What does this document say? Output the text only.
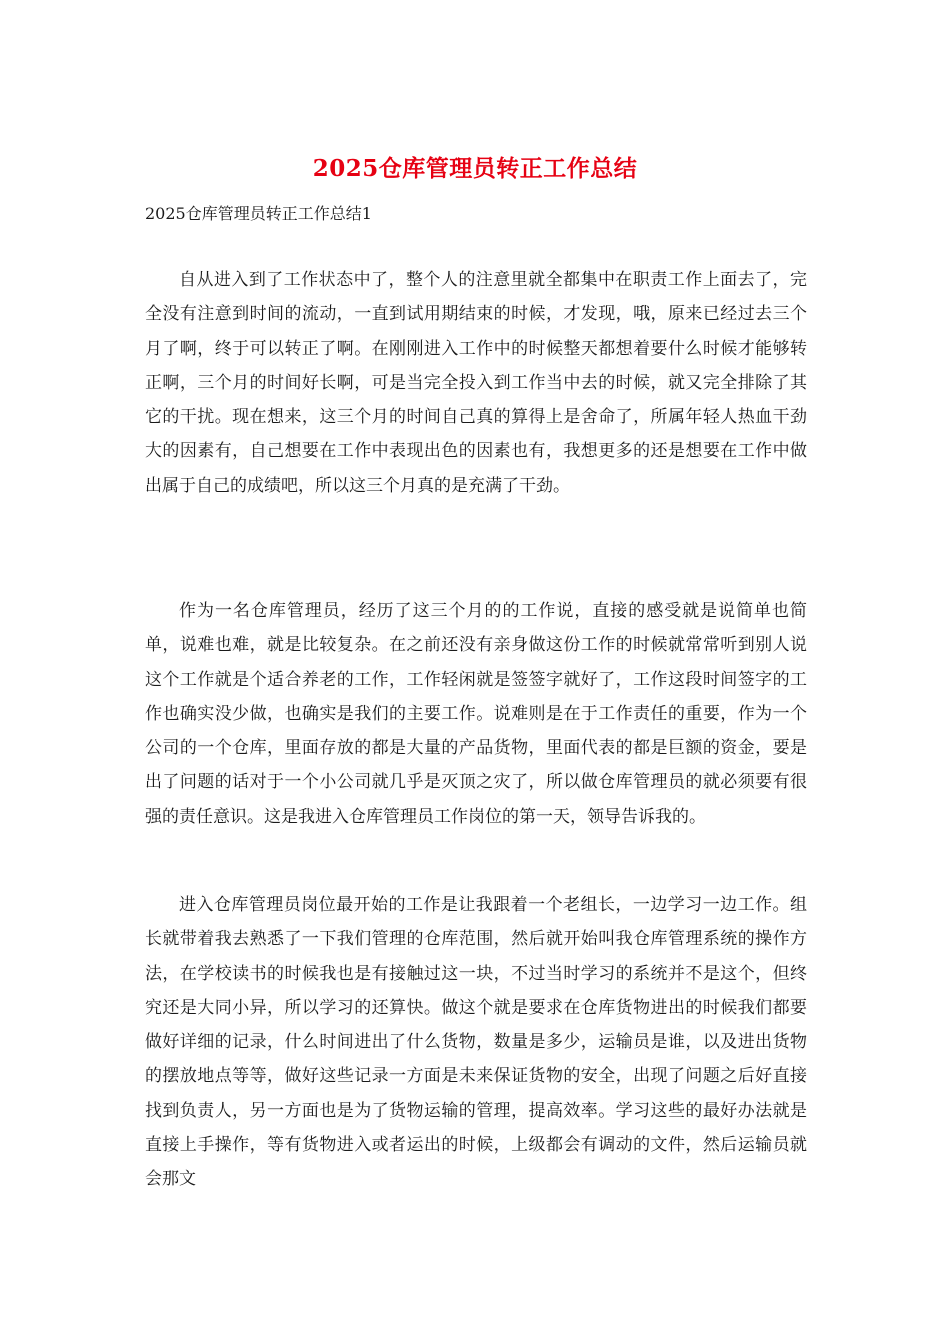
2025仓库管理员转正工作总结

2025仓库管理员转正工作总结1

自从进入到了工作状态中了，整个人的注意里就全都集中在职责工作上面去了，完全没有注意到时间的流动，一直到试用期结束的时候，才发现，哦，原来已经过去三个月了啊，终于可以转正了啊。在刚刚进入工作中的时候整天都想着要什么时候才能够转正啊，三个月的时间好长啊，可是当完全投入到工作当中去的时候，就又完全排除了其它的干扰。现在想来，这三个月的时间自己真的算得上是舍命了，所属年轻人热血干劲大的因素有，自己想要在工作中表现出色的因素也有，我想更多的还是想要在工作中做出属于自己的成绩吧，所以这三个月真的是充满了干劲。

作为一名仓库管理员，经历了这三个月的的工作说，直接的感受就是说简单也简单，说难也难，就是比较复杂。在之前还没有亲身做这份工作的时候就常常听到别人说这个工作就是个适合养老的工作，工作轻闲就是签签字就好了，工作这段时间签字的工作也确实没少做，也确实是我们的主要工作。说难则是在于工作责任的重要，作为一个公司的一个仓库，里面存放的都是大量的产品货物，里面代表的都是巨额的资金，要是出了问题的话对于一个小公司就几乎是灭顶之灾了，所以做仓库管理员的就必须要有很强的责任意识。这是我进入仓库管理员工作岗位的第一天，领导告诉我的。

进入仓库管理员岗位最开始的工作是让我跟着一个老组长，一边学习一边工作。组长就带着我去熟悉了一下我们管理的仓库范围，然后就开始叫我仓库管理系统的操作方法，在学校读书的时候我也是有接触过这一块，不过当时学习的系统并不是这个，但终究还是大同小异，所以学习的还算快。做这个就是要求在仓库货物进出的时候我们都要做好详细的记录，什么时间进出了什么货物，数量是多少，运输员是谁，以及进出货物的摆放地点等等，做好这些记录一方面是未来保证货物的安全，出现了问题之后好直接找到负责人，另一方面也是为了货物运输的管理，提高效率。学习这些的最好办法就是直接上手操作，等有货物进入或者运出的时候，上级都会有调动的文件，然后运输员就会那文
